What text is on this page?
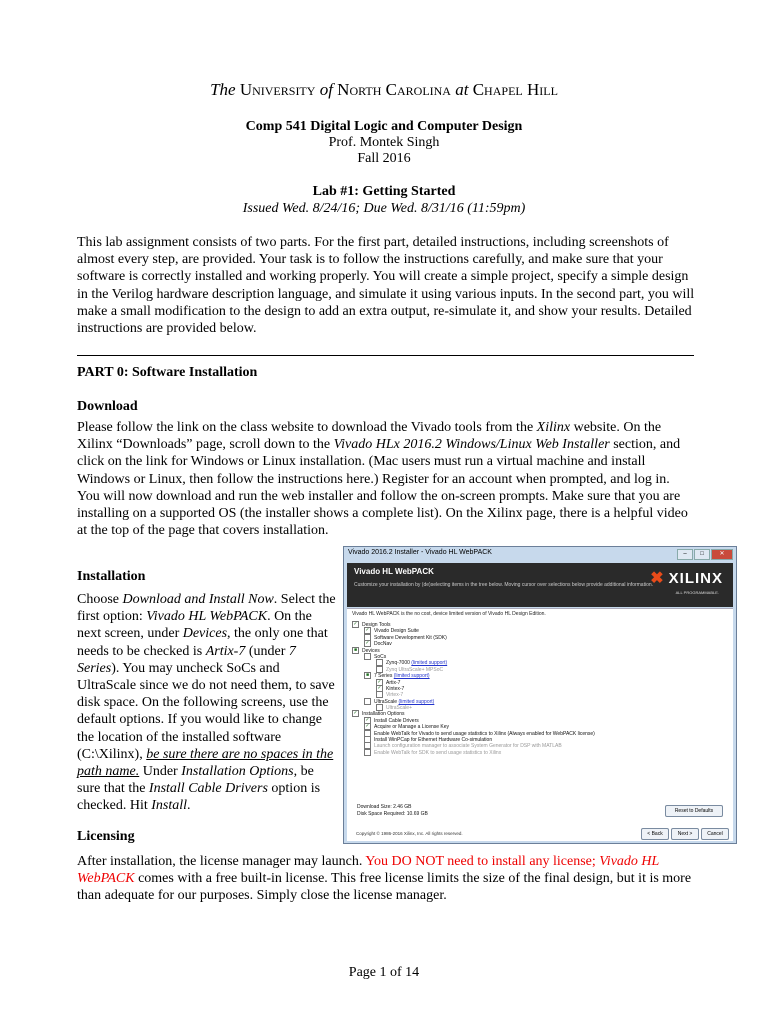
The University of North Carolina at Chapel Hill
Comp 541 Digital Logic and Computer Design
Prof. Montek Singh
Fall 2016
Lab #1: Getting Started
Issued Wed. 8/24/16; Due Wed. 8/31/16 (11:59pm)
This lab assignment consists of two parts. For the first part, detailed instructions, including screenshots of
almost every step, are provided. Your task is to follow the instructions carefully, and make sure that your
software is correctly installed and working properly. You will create a simple project, specify a simple design
in the Verilog hardware description language, and simulate it using various inputs. In the second part, you will
make a small modification to the design to add an extra output, re-simulate it, and show your results. Detailed
instructions are provided below.
PART 0: Software Installation
Download
Please follow the link on the class website to download the Vivado tools from the Xilinx website. On the
Xilinx “Downloads” page, scroll down to the Vivado HLx 2016.2 Windows/Linux Web Installer section, and
click on the link for Windows or Linux installation. (Mac users must run a virtual machine and install
Windows or Linux, then follow the instructions here.) Register for an account when prompted, and log in.
You will now download and run the web installer and follow the on-screen prompts. Make sure that you are
installing on a supported OS (the installer shows a complete list). On the Xilinx page, there is a helpful video
at the top of the page that covers installation.
Installation
Choose Download and Install Now. Select the
first option: Vivado HL WebPACK. On the
next screen, under Devices, the only one that
needs to be checked is Artix-7 (under 7
Series). You may uncheck SoCs and
UltraScale since we do not need them, to save
disk space. On the following screens, use the
default options. If you would like to change
the location of the installed software
(C:\Xilinx), be sure there are no spaces in the
path name. Under Installation Options, be
sure that the Install Cable Drivers option is
checked. Hit Install.
Vivado 2016.2 Installer - Vivado HL WebPACK	– □	✕
Vivado HL WebPACK
Customize your installation by (de)selecting items in the tree below. Moving cursor over selections below provide additional information.
✖ XILINX
ALL PROGRAMMABLE.
Vivado HL WebPACK is the no cost, device limited version of Vivado HL Design Edition.
✓ Design Tools
✓ Vivado Design Suite
Software Development Kit (SDK)
✓ DocNav
■ Devices
SoCs
Zynq-7000 (limited support)
Zynq UltraScale+ MPSoC
■ 7 Series (limited support)
✓ Artix-7
✓ Kintex-7
Virtex-7
UltraScale (limited support)
UltraScale+
✓ Installation Options
✓ Install Cable Drivers
✓ Acquire or Manage a License Key
Enable WebTalk for Vivado to send usage statistics to Xilinx (Always enabled for WebPACK license)
Install WinPCap for Ethernet Hardware Co-simulation
Launch configuration manager to associate System Generator for DSP with MATLAB
Enable WebTalk for SDK to send usage statistics to Xilinx
Download Size: 2.46 GB
Disk Space Required: 10.69 GB	Reset to Defaults
Copyright © 1986-2016 Xilinx, Inc. All rights reserved.	< Back	Next >	Cancel
Licensing
After installation, the license manager may launch. You DO NOT need to install any license; Vivado HL
WebPACK comes with a free built-in license. This free license limits the size of the final design, but it is more
than adequate for our purposes. Simply close the license manager.
Page 1 of 14
